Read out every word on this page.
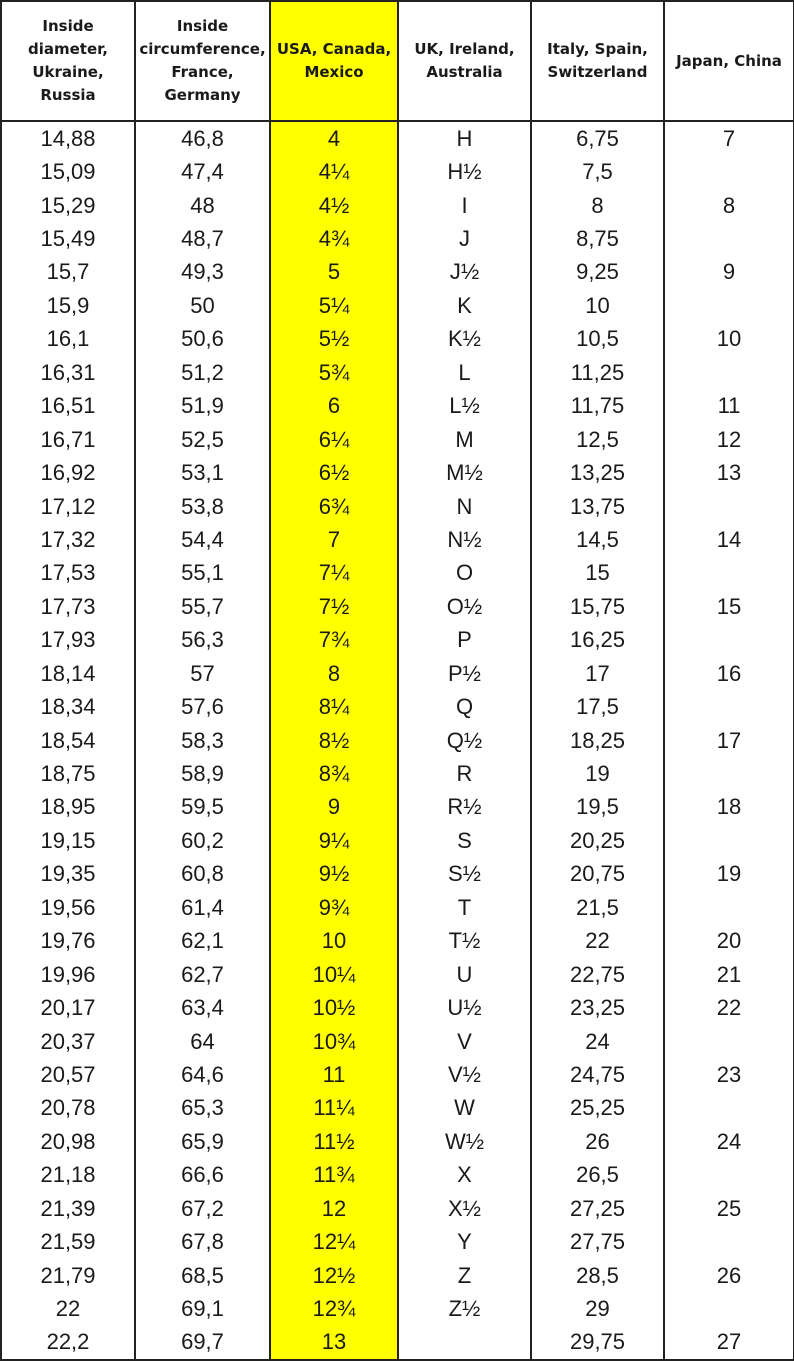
Inside diameter, Ukraine, Russia	Inside circumference, France, Germany	USA, Canada, Mexico	UK, Ireland, Australia	Italy, Spain, Switzerland	Japan, China
14,88	46,8	4	H	6,75	7
15,09	47,4	4¼	H½	7,5	
15,29	48	4½	I	8	8
15,49	48,7	4¾	J	8,75	
15,7	49,3	5	J½	9,25	9
15,9	50	5¼	K	10	
16,1	50,6	5½	K½	10,5	10
16,31	51,2	5¾	L	11,25	
16,51	51,9	6	L½	11,75	11
16,71	52,5	6¼	M	12,5	12
16,92	53,1	6½	M½	13,25	13
17,12	53,8	6¾	N	13,75	
17,32	54,4	7	N½	14,5	14
17,53	55,1	7¼	O	15	
17,73	55,7	7½	O½	15,75	15
17,93	56,3	7¾	P	16,25	
18,14	57	8	P½	17	16
18,34	57,6	8¼	Q	17,5	
18,54	58,3	8½	Q½	18,25	17
18,75	58,9	8¾	R	19	
18,95	59,5	9	R½	19,5	18
19,15	60,2	9¼	S	20,25	
19,35	60,8	9½	S½	20,75	19
19,56	61,4	9¾	T	21,5	
19,76	62,1	10	T½	22	20
19,96	62,7	10¼	U	22,75	21
20,17	63,4	10½	U½	23,25	22
20,37	64	10¾	V	24	
20,57	64,6	11	V½	24,75	23
20,78	65,3	11¼	W	25,25	
20,98	65,9	11½	W½	26	24
21,18	66,6	11¾	X	26,5	
21,39	67,2	12	X½	27,25	25
21,59	67,8	12¼	Y	27,75	
21,79	68,5	12½	Z	28,5	26
22	69,1	12¾	Z½	29	
22,2	69,7	13		29,75	27
